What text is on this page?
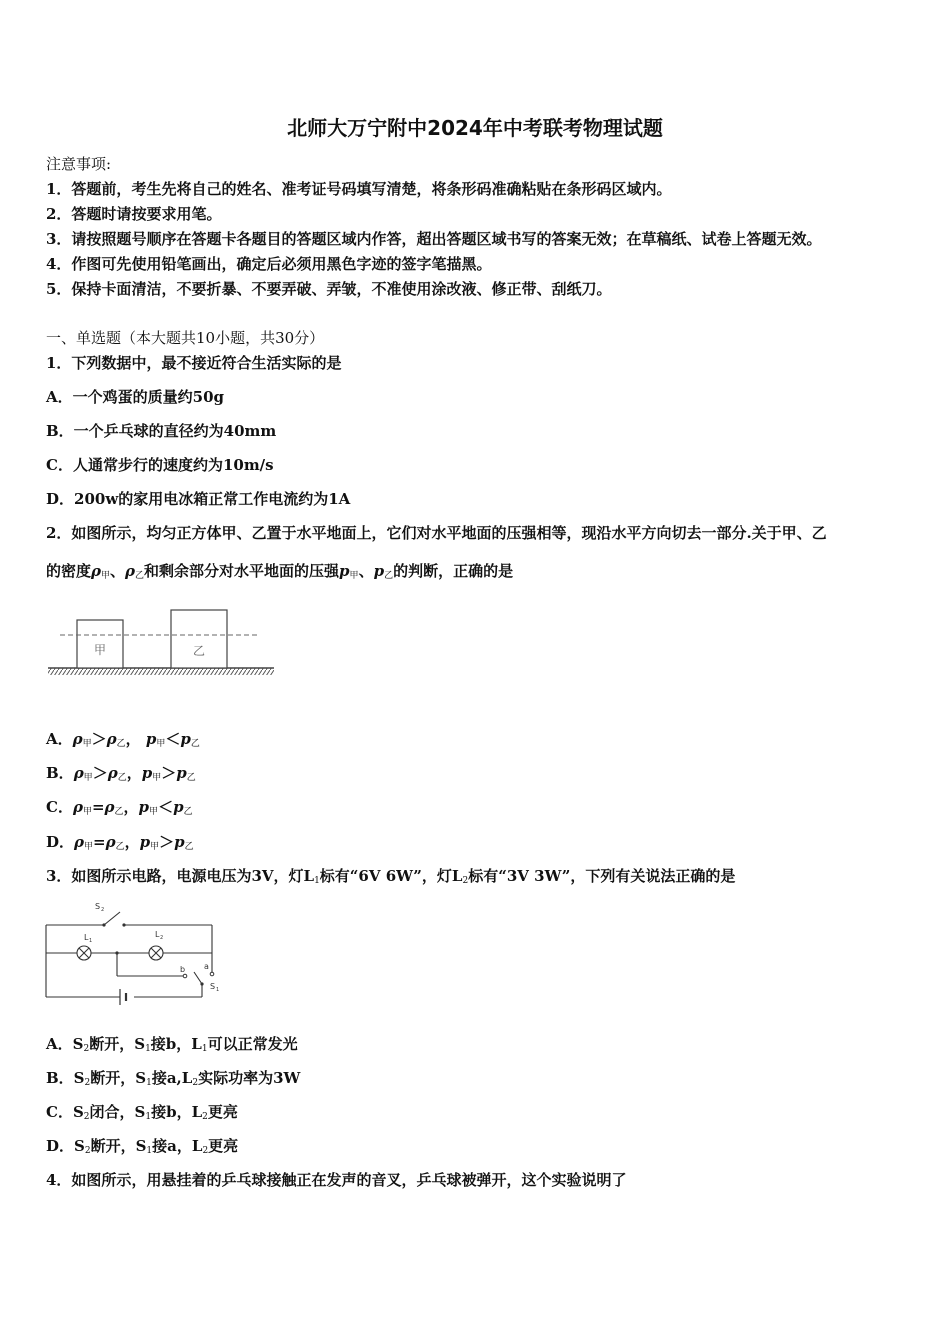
北师大万宁附中2024年中考联考物理试题
注意事项:
1．答题前，考生先将自己的姓名、准考证号码填写清楚，将条形码准确粘贴在条形码区域内。
2．答题时请按要求用笔。
3．请按照题号顺序在答题卡各题目的答题区域内作答，超出答题区域书写的答案无效；在草稿纸、试卷上答题无效。
4．作图可先使用铅笔画出，确定后必须用黑色字迹的签字笔描黑。
5．保持卡面清洁，不要折暴、不要弄破、弄皱，不准使用涂改液、修正带、刮纸刀。
一、单选题（本大题共10小题，共30分）
1．下列数据中，最不接近符合生活实际的是
A．一个鸡蛋的质量约50g
B．一个乒乓球的直径约为40mm
C．人通常步行的速度约为10m/s
D．200w的家用电冰箱正常工作电流约为1A
2．如图所示，均匀正方体甲、乙置于水平地面上，它们对水平地面的压强相等，现沿水平方向切去一部分.关于甲、乙
的密度$\rho_甲$、$\rho_乙$和剩余部分对水平地面的压强$p_甲$、$p_乙$的判断，正确的是
甲	乙
A．$\rho_甲>\rho_乙$， $p_甲<p_乙$
B．$\rho_甲>\rho_乙$，$p_甲>p_乙$
C．$\rho_甲=\rho_乙$，$p_甲<p_乙$
D．$\rho_甲=\rho_乙$，$p_甲>p_乙$
3．如图所示电路，电源电压为3V，灯$L_1$标有“6V 6W”，灯$L_2$标有“3V 3W”，下列有关说法正确的是
S 2
L 1
L 2
b a
S 1
A．$S_2$断开，$S_1$接b，$L_1$可以正常发光
B．$S_2$断开，$S_1$接$a,L_2$实际功率为3W
C．$S_2$闭合，$S_1$接b，$L_2$更亮
D．$S_2$断开，$S_1$接a，$L_2$更亮
4．如图所示，用悬挂着的乒乓球接触正在发声的音叉，乒乓球被弹开，这个实验说明了
